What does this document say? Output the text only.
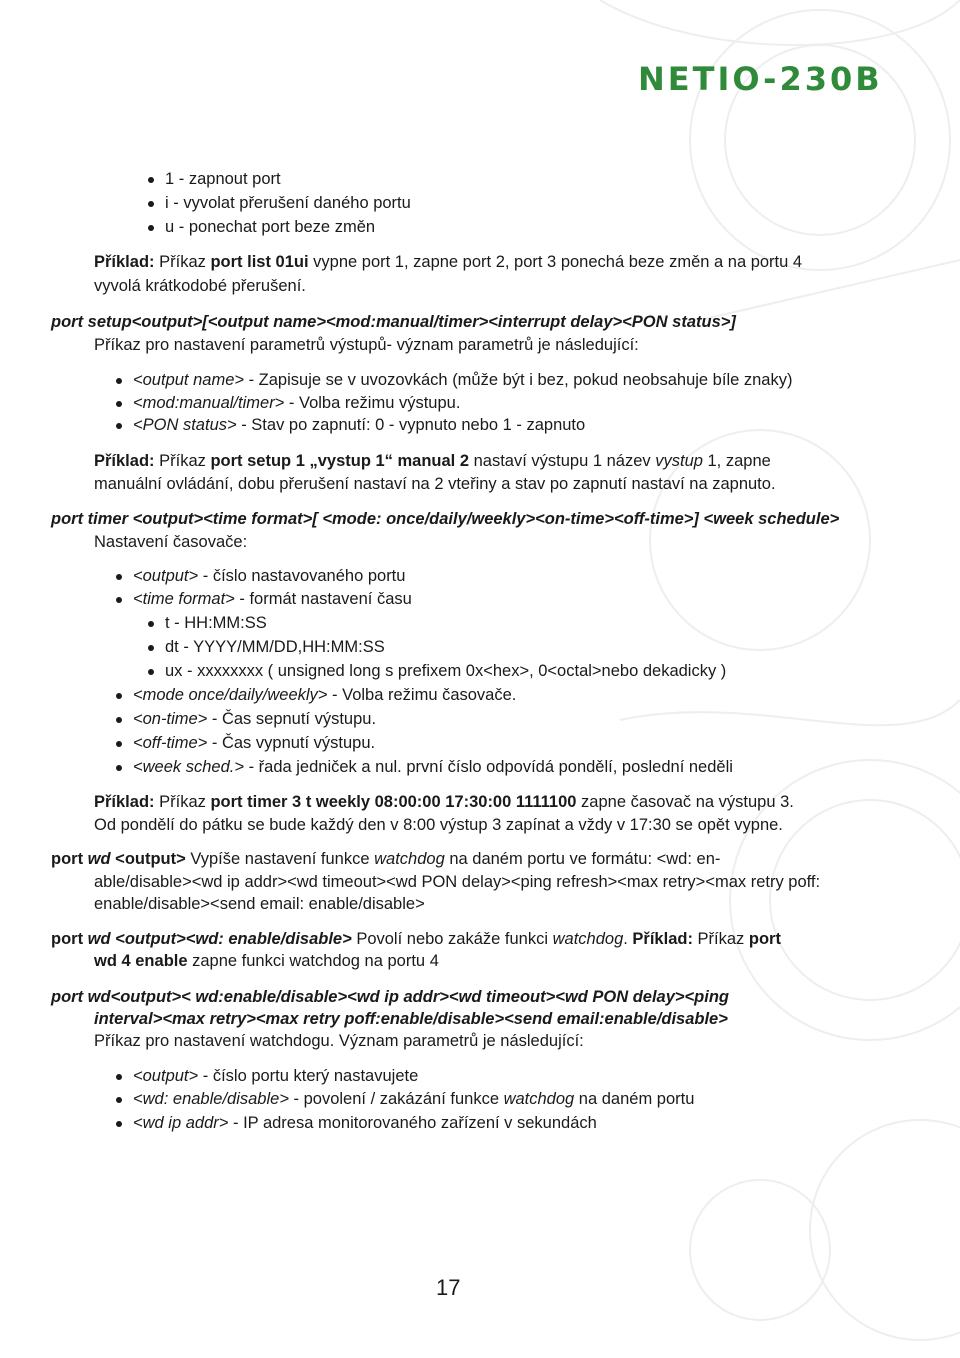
NETIO-230B
1 - zapnout port
i - vyvolat přerušení daného portu
u - ponechat port beze změn
Příklad: Příkaz port list 01ui vypne port 1, zapne port 2, port 3 ponechá beze změn a na portu 4
vyvolá krátkodobé přerušení.
port setup<output>[<output name><mod:manual/timer><interrupt delay><PON status>]
Příkaz pro nastavení parametrů výstupů- význam parametrů je následující:
<output name> - Zapisuje se v uvozovkách (může být i bez, pokud neobsahuje bíle znaky)
<mod:manual/timer> - Volba režimu výstupu.
<PON status> - Stav po zapnutí: 0 - vypnuto nebo 1 - zapnuto
Příklad: Příkaz port setup 1 „vystup 1“ manual 2 nastaví výstupu 1 název vystup 1, zapne
manuální ovládání, dobu přerušení nastaví na 2 vteřiny a stav po zapnutí nastaví na zapnuto.
port timer <output><time format>[ <mode: once/daily/weekly><on-time><off-time>] <week schedule>
Nastavení časovače:
<output> - číslo nastavovaného portu
<time format> - formát nastavení času
t - HH:MM:SS
dt - YYYY/MM/DD,HH:MM:SS
ux - xxxxxxxx ( unsigned long s prefixem 0x<hex>, 0<octal>nebo dekadicky )
<mode once/daily/weekly> - Volba režimu časovače.
<on-time> - Čas sepnutí výstupu.
<off-time> - Čas vypnutí výstupu.
<week sched.> - řada jedniček a nul. první číslo odpovídá pondělí, poslední neděli
Příklad: Příkaz port timer 3 t weekly 08:00:00 17:30:00 1111100 zapne časovač na výstupu 3.
Od pondělí do pátku se bude každý den v 8:00 výstup 3 zapínat a vždy v 17:30 se opět vypne.
port wd <output> Vypíše nastavení funkce watchdog na daném portu ve formátu: <wd: en-
able/disable><wd ip addr><wd timeout><wd PON delay><ping refresh><max retry><max retry poff:
enable/disable><send email: enable/disable>
port wd <output><wd: enable/disable> Povolí nebo zakáže funkci watchdog. Příklad: Příkaz port
wd 4 enable zapne funkci watchdog na portu 4
port wd<output>< wd:enable/disable><wd ip addr><wd timeout><wd PON delay><ping
interval><max retry><max retry poff:enable/disable><send email:enable/disable>
Příkaz pro nastavení watchdogu. Význam parametrů je následující:
<output> - číslo portu který nastavujete
<wd: enable/disable> - povolení / zakázání funkce watchdog na daném portu
<wd ip addr> - IP adresa monitorovaného zařízení v sekundách
17
